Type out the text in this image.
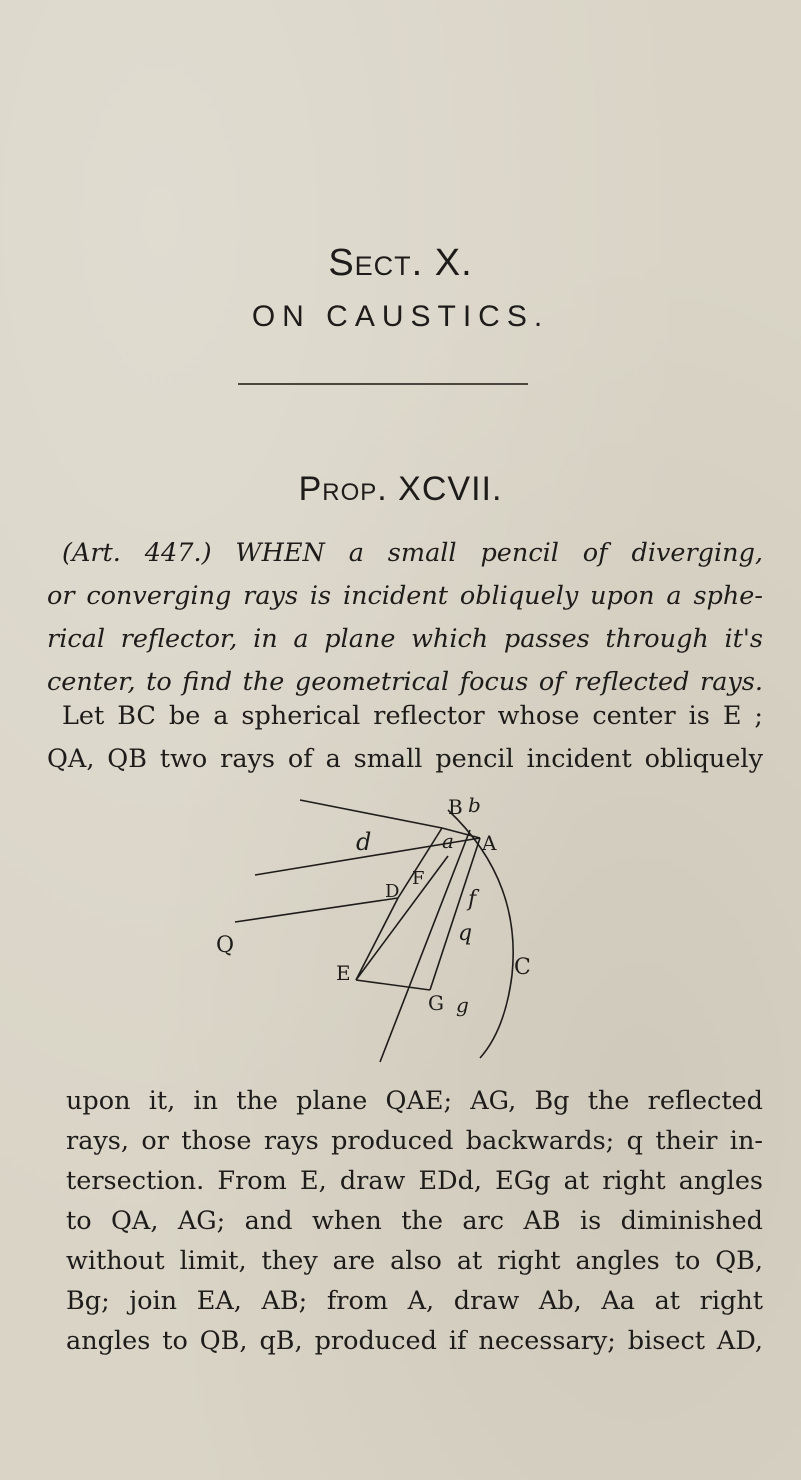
Sect. X.
ON CAUSTICS.
Prop. XCVII.
(Art. 447.) WHEN a small pencil of diverging,
or converging rays is incident obliquely upon a sphe-
rical reflector, in a plane which passes through it's
center, to find the geometrical focus of reflected rays.
Let BC be a spherical reflector whose center is E ;
QA, QB two rays of a small pencil incident obliquely
B b
d	a A
F
D	f
Q	q
C
E
G g
upon it, in the plane QAE; AG, Bg the reflected
rays, or those rays produced backwards; q their in-
tersection. From E, draw EDd, EGg at right angles
to QA, AG; and when the arc AB is diminished
without limit, they are also at right angles to QB,
Bg; join EA, AB; from A, draw Ab, Aa at right
angles to QB, qB, produced if necessary; bisect AD,
